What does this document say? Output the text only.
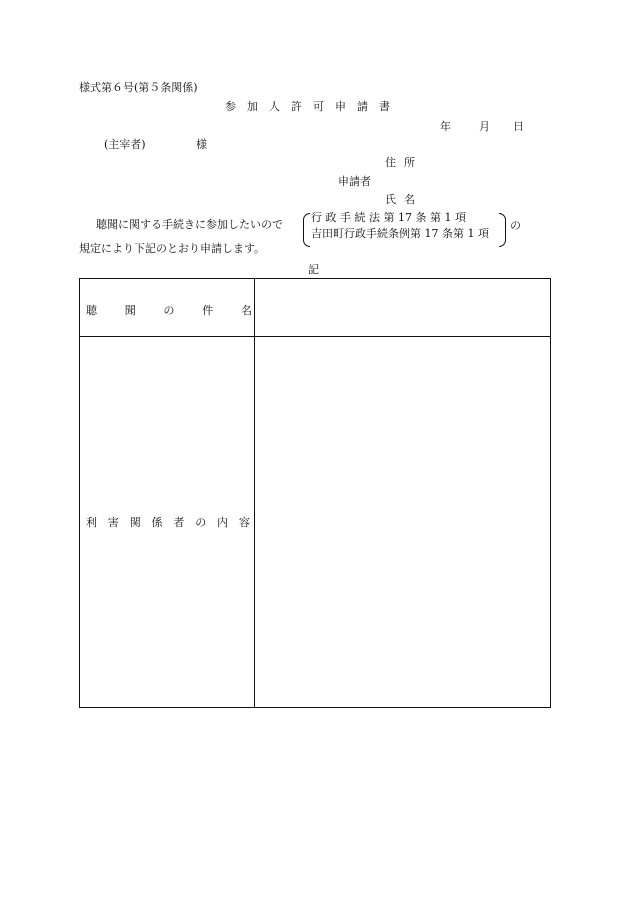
様式第６号(第５条関係)
参加人許可申請書
年	月 日
(主宰者)	様
住所
申請者
氏名
聴聞に関する手続きに参加したいので
行 政 手 続 法 第 17 条 第 1 項
吉田町行政手続条例第 17 条第 1 項
の
規定により下記のとおり申請します。
記
聴	聞	の	件	名
利 害 関 係 者 の 内 容
